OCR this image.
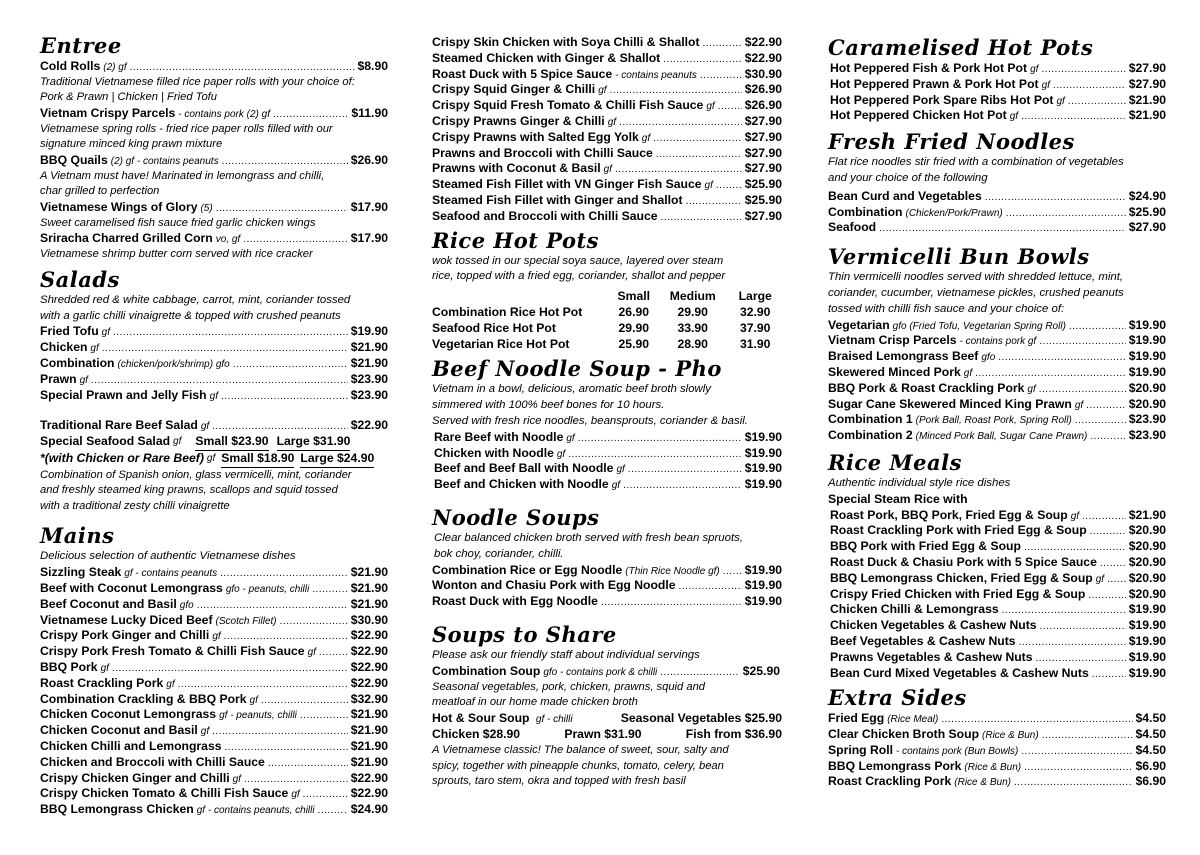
Entree
Cold Rolls (2) gf .....	$8.90

Traditional Vietnamese filled rice paper rolls with your choice of:
Pork & Prawn | Chicken | Fried Tofu

Vietnam Crispy Parcels - contains pork (2) gf .....	$11.90

Vietnamese spring rolls - fried rice paper rolls filled with our
signature minced king prawn mixture

BBQ Quails (2) gf - contains peanuts .....	$26.90

A Vietnam must have! Marinated in lemongrass and chilli,
char grilled to perfection

Vietnamese Wings of Glory (5) .....	$17.90

Sweet caramelised fish sauce fried garlic chicken wings

Sriracha Charred Grilled Corn vo, gf .....	$17.90

Vietnamese shrimp butter corn served with rice cracker

Salads

Shredded red & white cabbage, carrot, mint, coriander tossed
with a garlic chilli vinaigrette & topped with crushed peanuts

Fried Tofu gf .....	$19.90
Chicken gf .....	$21.90
Combination (chicken/pork/shrimp) gfo .....	$21.90
Prawn gf .....	$23.90
Special Prawn and Jelly Fish gf .....	$23.90
Traditional Rare Beef Salad gf .....	$22.90
Special Seafood Salad gf Small $23.90 Large $31.90
*(with Chicken or Rare Beef) gf Small $18.90 Large $24.90

Combination of Spanish onion, glass vermicelli, mint, coriander
and freshly steamed king prawns, scallops and squid tossed
with a traditional zesty chilli vinaigrette

Mains

Delicious selection of authentic Vietnamese dishes

Sizzling Steak gf - contains peanuts .....	$21.90
Beef with Coconut Lemongrass gfo - peanuts, chilli .....	$21.90
Beef Coconut and Basil gfo .....	$21.90
Vietnamese Lucky Diced Beef (Scotch Fillet) .....	$30.90
Crispy Pork Ginger and Chilli gf .....	$22.90
Crispy Pork Fresh Tomato & Chilli Fish Sauce gf .....	$22.90
BBQ Pork gf .....	$22.90
Roast Crackling Pork gf .....	$22.90
Combination Crackling & BBQ Pork gf .....	$32.90
Chicken Coconut Lemongrass gf - peanuts, chilli .....	$21.90
Chicken Coconut and Basil gf .....	$21.90
Chicken Chilli and Lemongrass .....	$21.90
Chicken and Broccoli with Chilli Sauce .....	$21.90
Crispy Chicken Ginger and Chilli gf .....	$22.90
Crispy Chicken Tomato & Chilli Fish Sauce gf .....	$22.90
BBQ Lemongrass Chicken gf - contains peanuts, chilli .....	$24.90
Crispy Skin Chicken with Soya Chilli & Shallot .....	$22.90
Steamed Chicken with Ginger & Shallot .....	$22.90
Roast Duck with 5 Spice Sauce - contains peanuts .....	$30.90
Crispy Squid Ginger & Chilli gf .....	$26.90
Crispy Squid Fresh Tomato & Chilli Fish Sauce gf ..... $26.90
Crispy Prawns Ginger & Chilli gf .....	$27.90
Crispy Prawns with Salted Egg Yolk gf .....	$27.90
Prawns and Broccoli with Chilli Sauce .....	$27.90
Prawns with Coconut & Basil gf .....	$27.90
Steamed Fish Fillet with VN Ginger Fish Sauce gf .....	$25.90
Steamed Fish Fillet with Ginger and Shallot .....	$25.90
Seafood and Broccoli with Chilli Sauce .....	$27.90
Rice Hot Pots

wok tossed in our special soya sauce, layered over steam
rice, topped with a fried egg, coriander, shallot and pepper

Small	Medium	Large
Combination Rice Hot Pot	26.90	29.90	32.90
Seafood Rice Hot Pot	29.90	33.90	37.90
Vegetarian Rice Hot Pot	25.90	28.90	31.90
Beef Noodle Soup - Pho

Vietnam in a bowl, delicious, aromatic beef broth slowly
simmered with 100% beef bones for 10 hours.
Served with fresh rice noodles, beansprouts, coriander & basil.

Rare Beef with Noodle gf .....	$19.90
Chicken with Noodle gf .....	$19.90
Beef and Beef Ball with Noodle gf .....	$19.90
Beef and Chicken with Noodle gf .....	$19.90
Noodle Soups

Clear balanced chicken broth served with fresh bean spruots,
bok choy, coriander, chilli.

Combination Rice or Egg Noodle (Thin Rice Noodle gf) ..... $19.90
Wonton and Chasiu Pork with Egg Noodle .....	$19.90
Roast Duck with Egg Noodle .....	$19.90
Soups to Share

Please ask our friendly staff about individual servings

Combination Soup gfo - contains pork & chilli .....	$25.90

Seasonal vegetables, pork, chicken, prawns, squid and
meatloaf in our home made chicken broth

Hot & Sour Soup gf - chilli	Seasonal Vegetables $25.90
Chicken $28.90	Prawn $31.90	Fish from $36.90

A Vietnamese classic! The balance of sweet, sour, salty and
spicy, together with pineapple chunks, tomato, celery, bean
sprouts, taro stem, okra and topped with fresh basil

Caramelised Hot Pots
Hot Peppered Fish & Pork Hot Pot gf .....	$27.90
Hot Peppered Prawn & Pork Hot Pot gf .....	$27.90
Hot Peppered Pork Spare Ribs Hot Pot gf .....	$21.90
Hot Peppered Chicken Hot Pot gf .....	$21.90
Fresh Fried Noodles

Flat rice noodles stir fried with a combination of vegetables
and your choice of the following

Bean Curd and Vegetables .....	$24.90
Combination (Chicken/Pork/Prawn) .....	$25.90
Seafood .....	$27.90
Vermicelli Bun Bowls

Thin vermicelli noodles served with shredded lettuce, mint,
coriander, cucumber, vietnamese pickles, crushed peanuts
tossed with chilli fish sauce and your choice of:

Vegetarian gfo (Fried Tofu, Vegetarian Spring Roll) .....	$19.90
Vietnam Crisp Parcels - contains pork gf .....	$19.90
Braised Lemongrass Beef gfo .....	$19.90
Skewered Minced Pork gf .....	$19.90
BBQ Pork & Roast Crackling Pork gf .....	$20.90
Sugar Cane Skewered Minced King Prawn gf .....	$20.90
Combination 1 (Pork Ball, Roast Pork, Spring Roll) .....	$23.90
Combination 2 (Minced Pork Ball, Sugar Cane Prawn) .....	$23.90
Rice Meals

Authentic individual style rice dishes

Special Steam Rice with
Roast Pork, BBQ Pork, Fried Egg & Soup gf .....	$21.90
Roast Crackling Pork with Fried Egg & Soup .....	$20.90
BBQ Pork with Fried Egg & Soup .....	$20.90
Roast Duck & Chasiu Pork with 5 Spice Sauce .....	$20.90
BBQ Lemongrass Chicken, Fried Egg & Soup gf ..... $20.90
Crispy Fried Chicken with Fried Egg & Soup .....	$20.90
Chicken Chilli & Lemongrass .....	$19.90
Chicken Vegetables & Cashew Nuts .....	$19.90
Beef Vegetables & Cashew Nuts .....	$19.90
Prawns Vegetables & Cashew Nuts .....	$19.90
Bean Curd Mixed Vegetables & Cashew Nuts .....	$19.90
Extra Sides
Fried Egg (Rice Meal) .....	$4.50
Clear Chicken Broth Soup (Rice & Bun) .....	$4.50
Spring Roll - contains pork (Bun Bowls) .....	$4.50
BBQ Lemongrass Pork (Rice & Bun) .....	$6.90
Roast Crackling Pork (Rice & Bun) .....	$6.90
